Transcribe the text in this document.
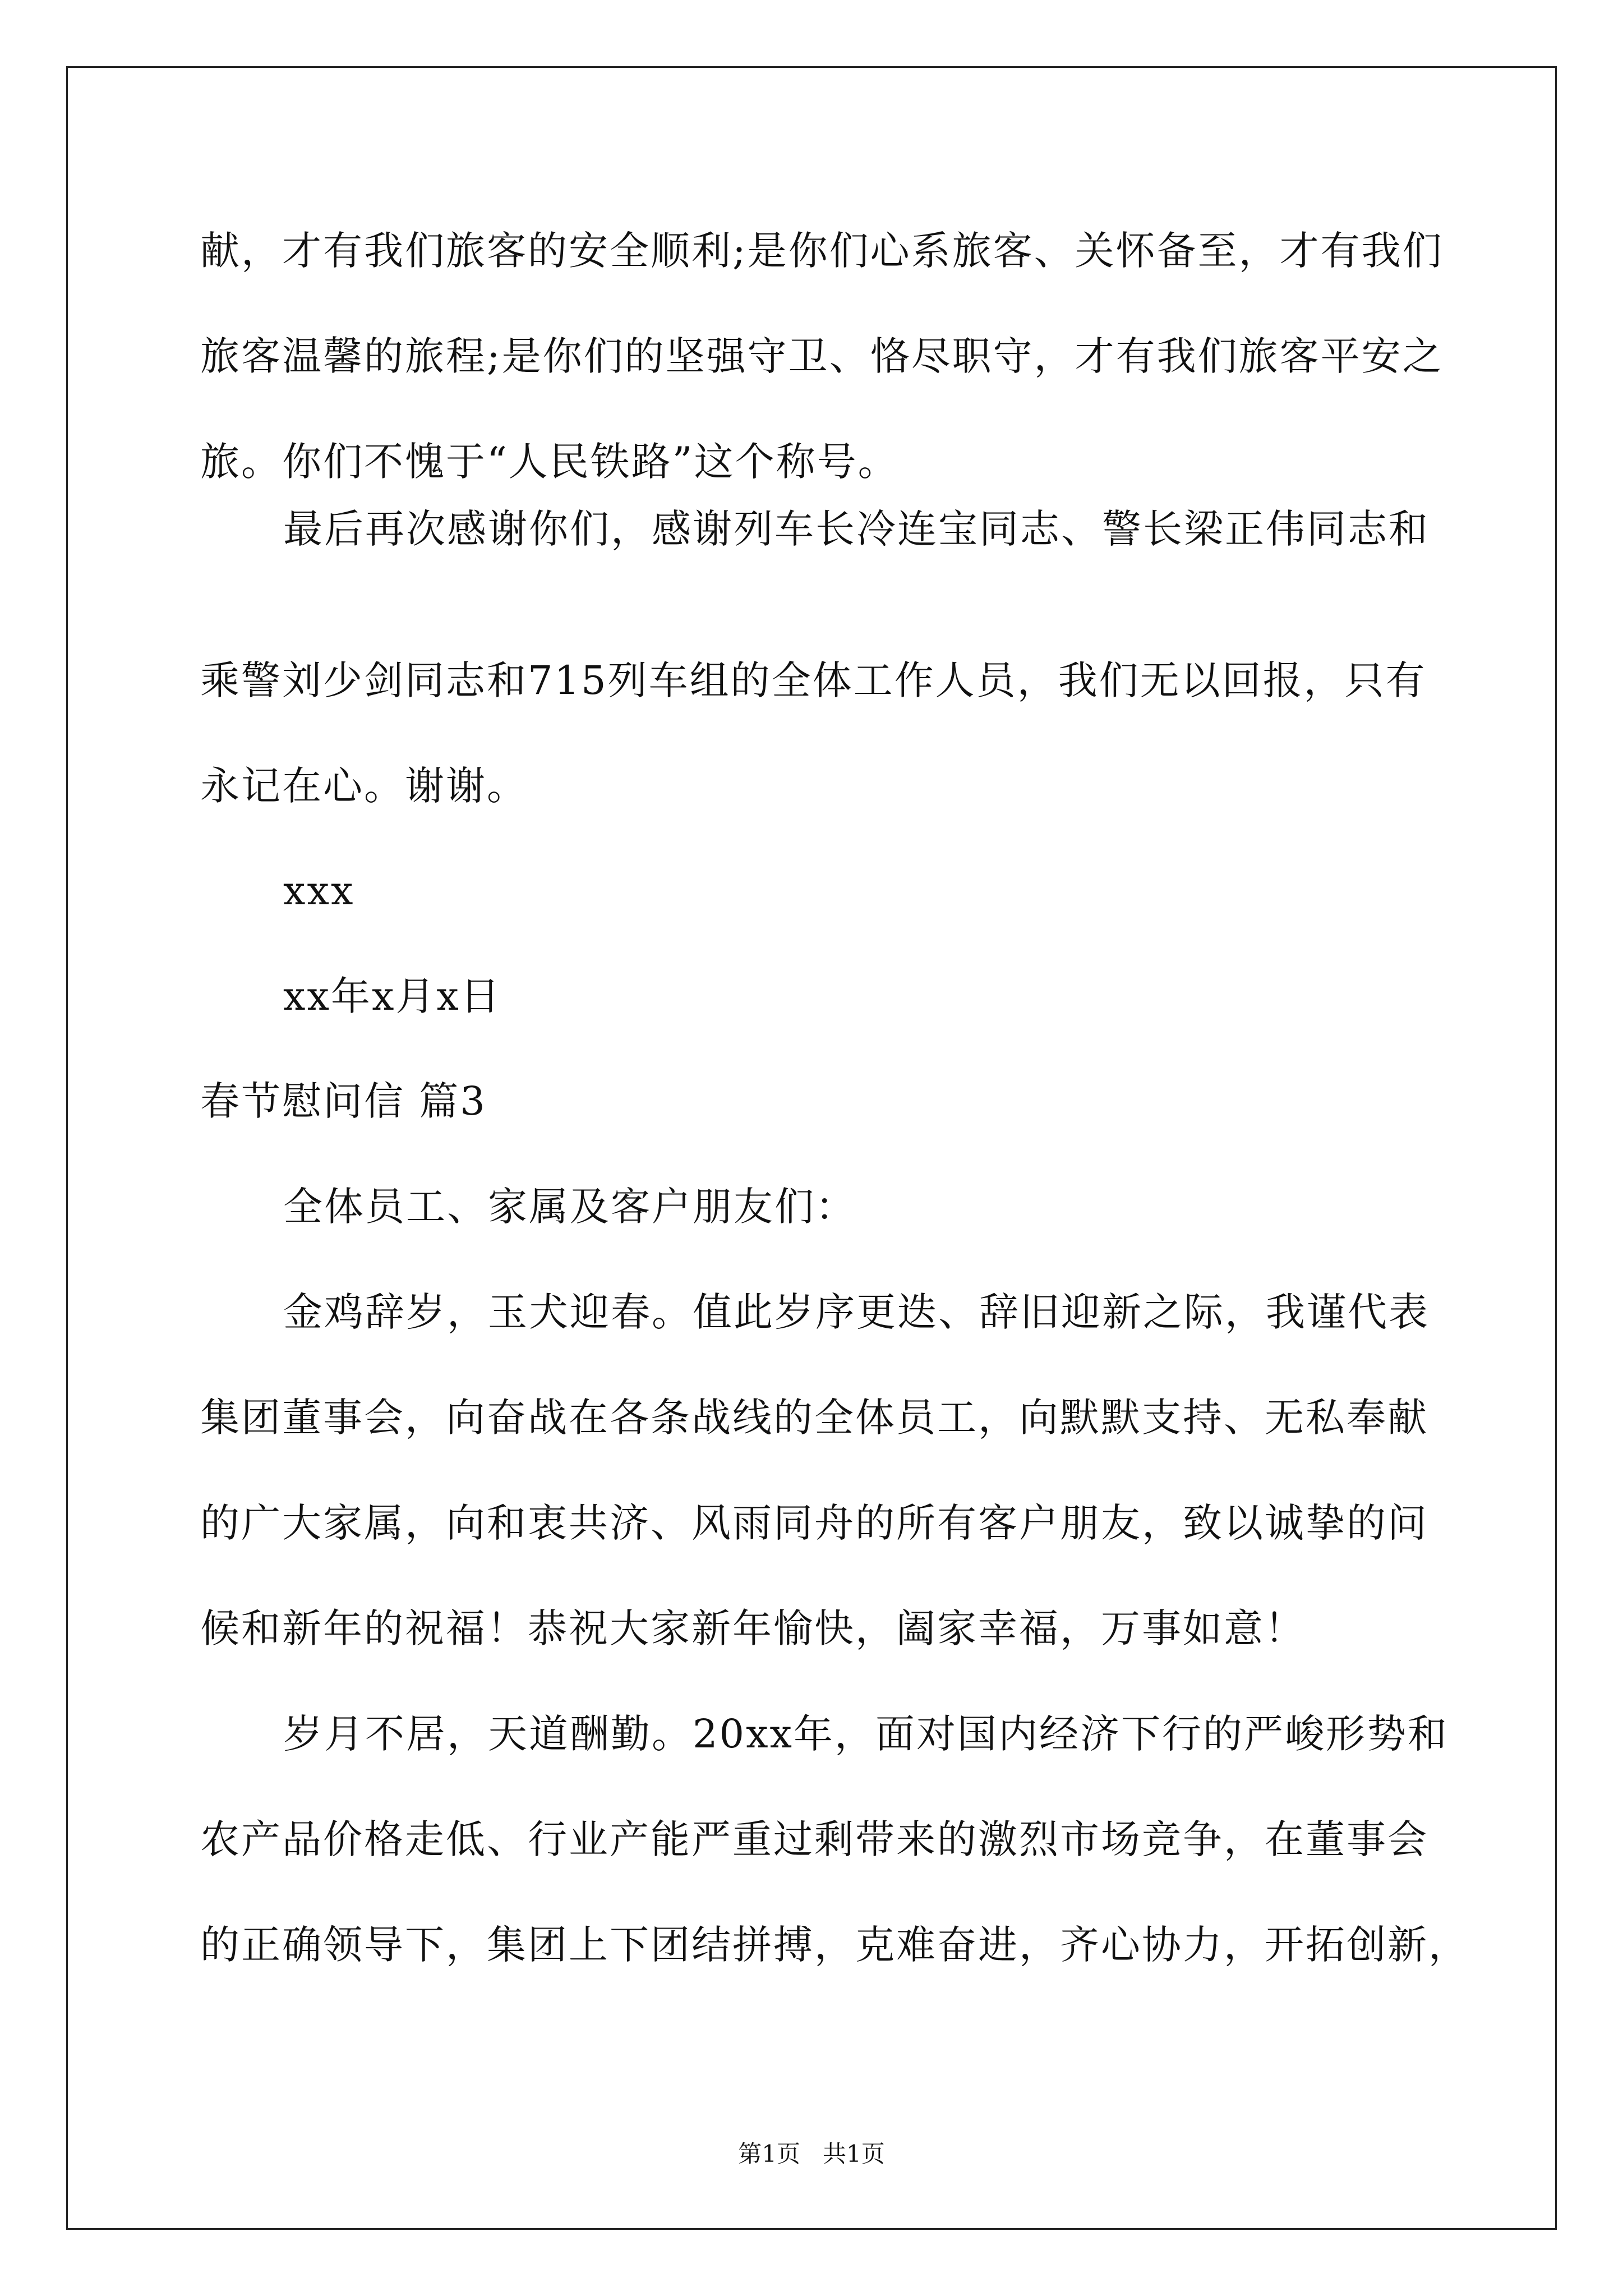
献，才有我们旅客的安全顺利;是你们心系旅客、关怀备至，才有我们
旅客温馨的旅程;是你们的坚强守卫、恪尽职守，才有我们旅客平安之
旅。你们不愧于“人民铁路”这个称号。
最后再次感谢你们，感谢列车长冷连宝同志、警长梁正伟同志和
乘警刘少剑同志和715列车组的全体工作人员，我们无以回报，只有
永记在心。谢谢。
xxx
xx年x月x日
春节慰问信 篇3
全体员工、家属及客户朋友们：
金鸡辞岁，玉犬迎春。值此岁序更迭、辞旧迎新之际，我谨代表
集团董事会，向奋战在各条战线的全体员工，向默默支持、无私奉献
的广大家属，向和衷共济、风雨同舟的所有客户朋友，致以诚挚的问
候和新年的祝福！恭祝大家新年愉快，阖家幸福，万事如意！
岁月不居，天道酬勤。20xx年，面对国内经济下行的严峻形势和
农产品价格走低、行业产能严重过剩带来的激烈市场竞争，在董事会
的正确领导下，集团上下团结拼搏，克难奋进，齐心协力，开拓创新，
第1页   共1页
